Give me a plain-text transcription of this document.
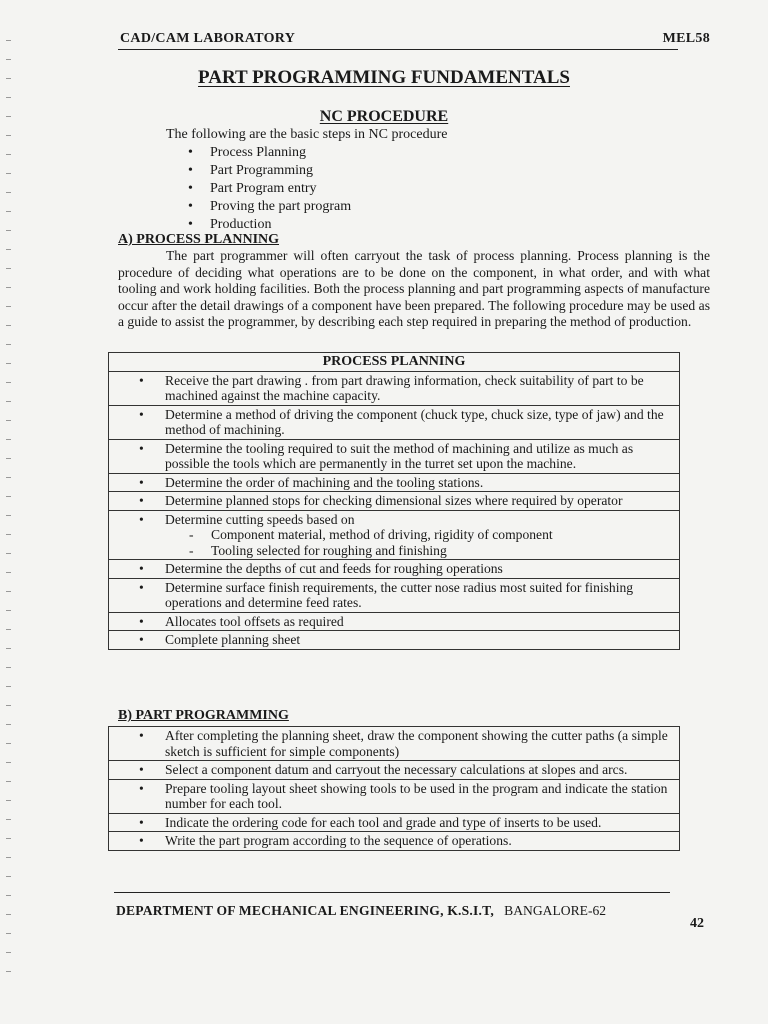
CAD/CAM LABORATORY	MEL58
PART PROGRAMMING FUNDAMENTALS
NC PROCEDURE
The following are the basic steps in NC procedure
• Process Planning
• Part Programming
• Part Program entry
• Proving the part program
• Production
A) PROCESS PLANNING
The part programmer will often carryout the task of process planning. Process planning is the procedure of deciding what operations are to be done on the component, in what order, and with what tooling and work holding facilities. Both the process planning and part programming aspects of manufacture occur after the detail drawings of a component have been prepared. The following procedure may be used as a guide to assist the programmer, by describing each step required in preparing the method of production.
PROCESS PLANNING

• Receive the part drawing . from part drawing information, check suitability of part to be machined against the machine capacity.

• Determine a method of driving the component (chuck type, chuck size, type of jaw) and the method of machining.

• Determine the tooling required to suit the method of machining and utilize as much as possible the tools which are permanently in the turret set upon the machine.

• Determine the order of machining and the tooling stations.

• Determine planned stops for checking dimensional sizes where required by operator

• Determine cutting speeds based on
- Component material, method of driving, rigidity of component
- Tooling selected for roughing and finishing

• Determine the depths of cut and feeds for roughing operations

• Determine surface finish requirements, the cutter nose radius most suited for finishing operations and determine feed rates.

• Allocates tool offsets as required

• Complete planning sheet
B) PART PROGRAMMING
• After completing the planning sheet, draw the component showing the cutter paths (a simple sketch is sufficient for simple components)

• Select a component datum and carryout the necessary calculations at slopes and arcs.

• Prepare tooling layout sheet showing tools to be used in the program and indicate the station number for each tool.

• Indicate the ordering code for each tool and grade and type of inserts to be used.

• Write the part program according to the sequence of operations.
DEPARTMENT OF MECHANICAL ENGINEERING, K.S.I.T, BANGALORE-62
42
